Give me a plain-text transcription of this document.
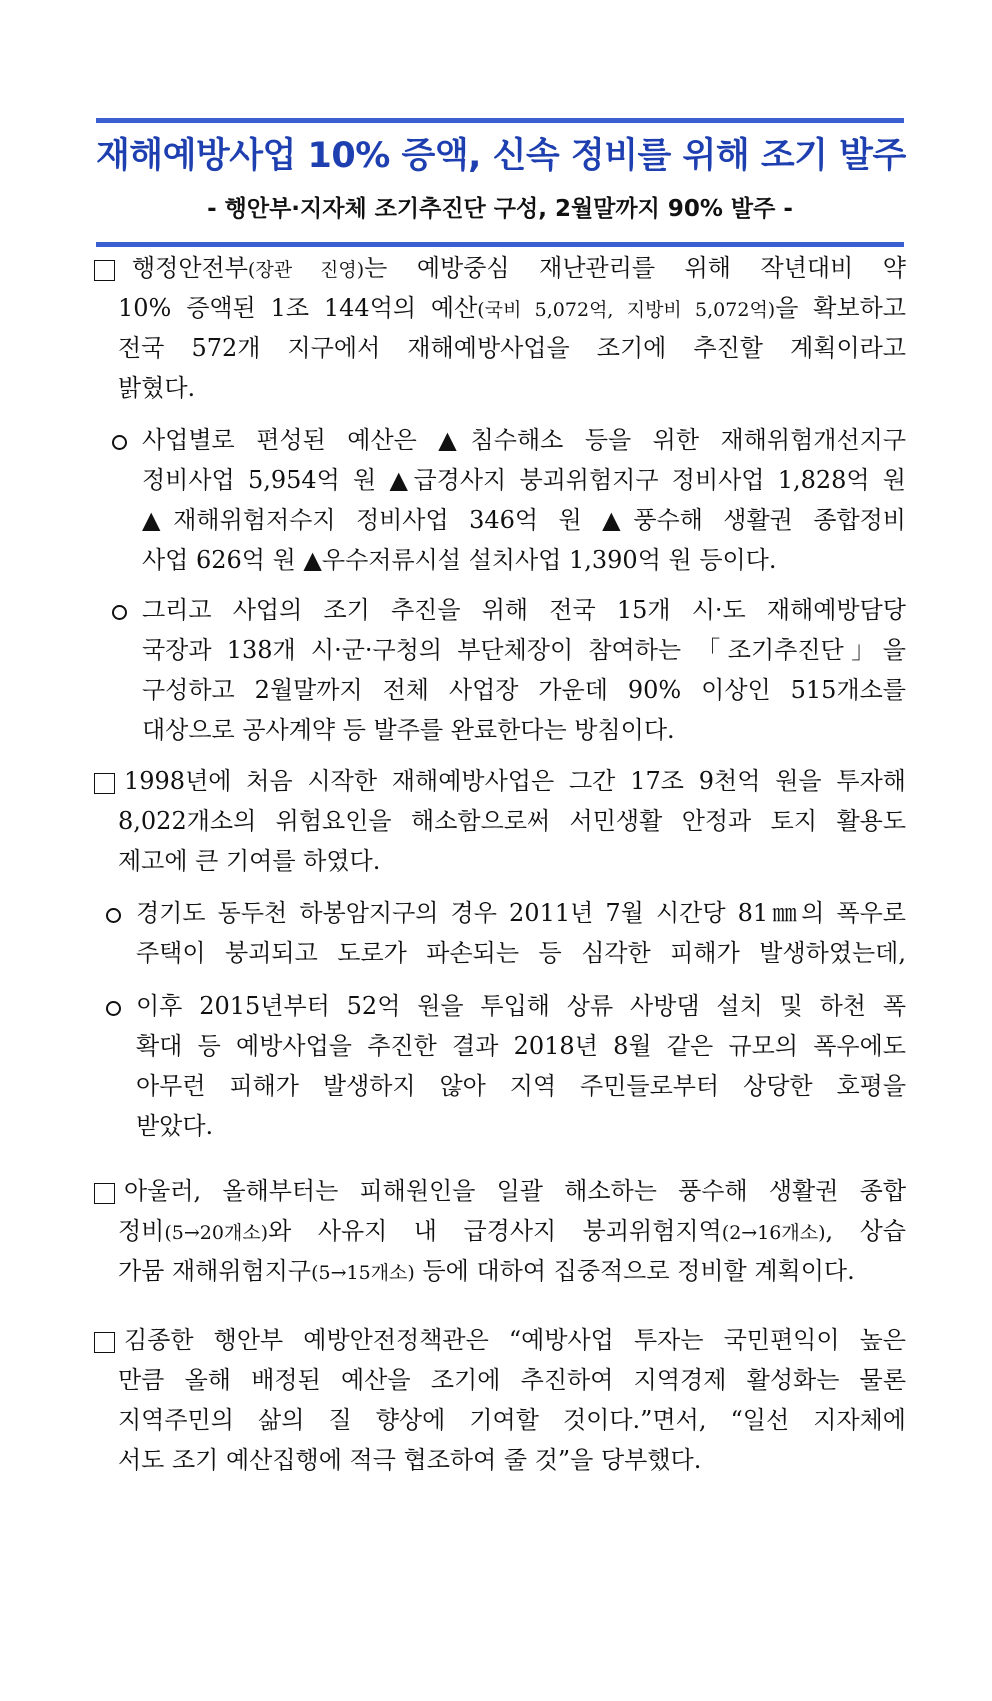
재해예방사업 10% 증액, 신속 정비를 위해 조기 발주
- 행안부·지자체 조기추진단 구성, 2월말까지 90% 발주 -
행정안전부(장관 진영)는 예방중심 재난관리를 위해 작년대비 약
10% 증액된 1조 144억의 예산(국비 5,072억, 지방비 5,072억)을 확보하고
전국 572개 지구에서 재해예방사업을 조기에 추진할 계획이라고
밝혔다.
사업별로 편성된 예산은 ▲침수해소 등을 위한 재해위험개선지구
정비사업 5,954억 원 ▲급경사지 붕괴위험지구 정비사업 1,828억 원
▲재해위험저수지 정비사업 346억 원 ▲풍수해 생활권 종합정비
사업 626억 원 ▲우수저류시설 설치사업 1,390억 원 등이다.
그리고 사업의 조기 추진을 위해 전국 15개 시·도 재해예방담당
국장과 138개 시·군·구청의 부단체장이 참여하는 「조기추진단」을
구성하고 2월말까지 전체 사업장 가운데 90% 이상인 515개소를
대상으로 공사계약 등 발주를 완료한다는 방침이다.
1998년에 처음 시작한 재해예방사업은 그간 17조 9천억 원을 투자해
8,022개소의 위험요인을 해소함으로써 서민생활 안정과 토지 활용도
제고에 큰 기여를 하였다.
경기도 동두천 하봉암지구의 경우 2011년 7월 시간당 81㎜의 폭우로
주택이 붕괴되고 도로가 파손되는 등 심각한 피해가 발생하였는데,
이후 2015년부터 52억 원을 투입해 상류 사방댐 설치 및 하천 폭
확대 등 예방사업을 추진한 결과 2018년 8월 같은 규모의 폭우에도
아무런 피해가 발생하지 않아 지역 주민들로부터 상당한 호평을
받았다.
아울러, 올해부터는 피해원인을 일괄 해소하는 풍수해 생활권 종합
정비(5→20개소)와 사유지 내 급경사지 붕괴위험지역(2→16개소), 상습
가뭄 재해위험지구(5→15개소) 등에 대하여 집중적으로 정비할 계획이다.
김종한 행안부 예방안전정책관은 “예방사업 투자는 국민편익이 높은
만큼 올해 배정된 예산을 조기에 추진하여 지역경제 활성화는 물론
지역주민의 삶의 질 향상에 기여할 것이다.”면서, “일선 지자체에
서도 조기 예산집행에 적극 협조하여 줄 것”을 당부했다.
